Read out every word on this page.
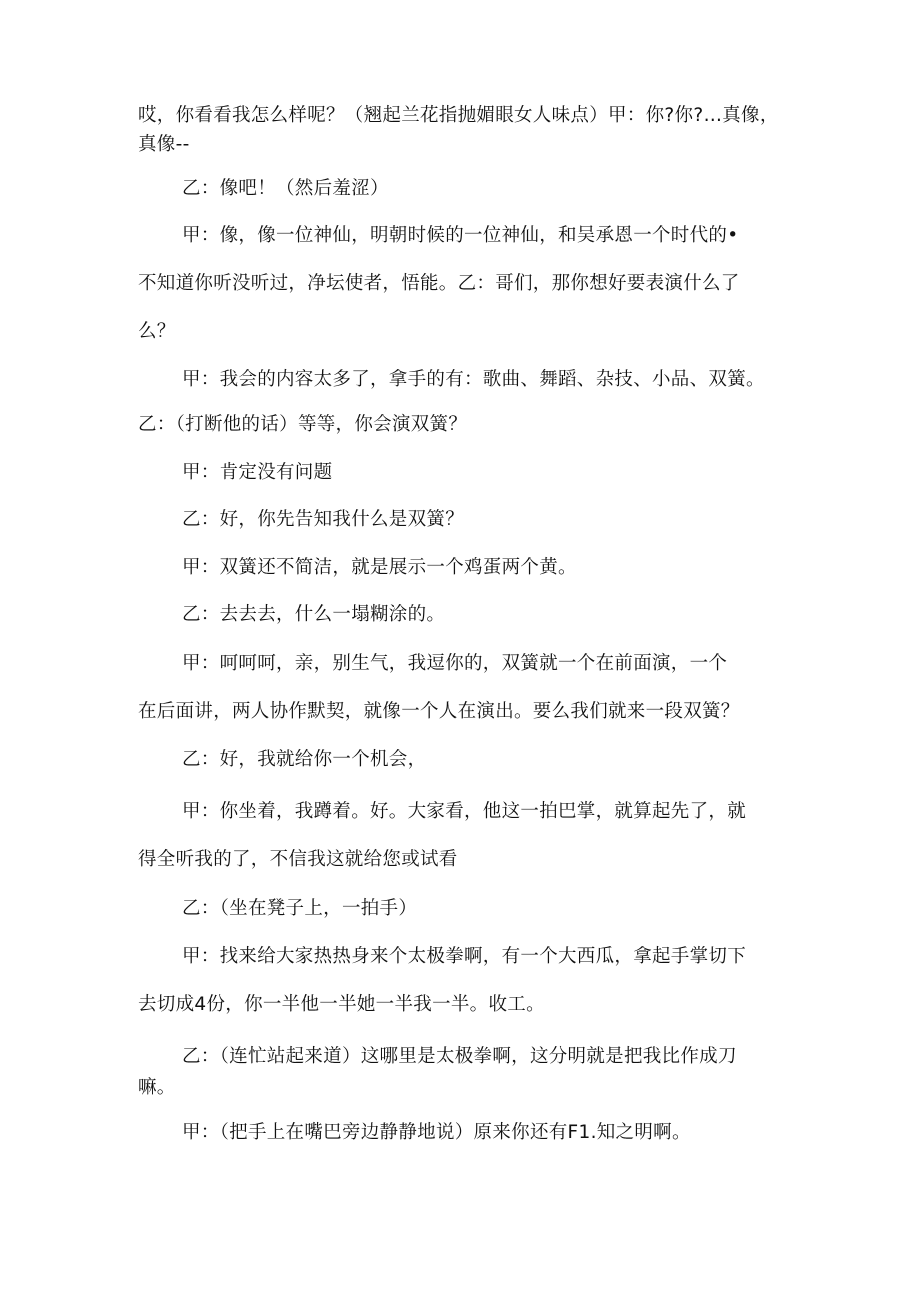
哎，你看看我怎么样呢？（翘起兰花指抛媚眼女人味点）甲：你?你?…真像，
真像--
乙：像吧！（然后羞涩）
甲：像，像一位神仙，明朝时候的一位神仙，和吴承恩一个时代的•
不知道你听没听过，净坛使者，悟能。乙：哥们，那你想好要表演什么了
么？
甲：我会的内容太多了，拿手的有：歌曲、舞蹈、杂技、小品、双簧。
乙：（打断他的话）等等，你会演双簧？
甲：肯定没有问题
乙：好，你先告知我什么是双簧？
甲：双簧还不简洁，就是展示一个鸡蛋两个黄。
乙：去去去，什么一塌糊涂的。
甲：呵呵呵，亲，别生气，我逗你的，双簧就一个在前面演，一个
在后面讲，两人协作默契，就像一个人在演出。要么我们就来一段双簧？
乙：好，我就给你一个机会，
甲：你坐着，我蹲着。好。大家看，他这一拍巴掌，就算起先了，就
得全听我的了，不信我这就给您或试看
乙：（坐在凳子上，一拍手）
甲：找来给大家热热身来个太极拳啊，有一个大西瓜，拿起手掌切下
去切成4份，你一半他一半她一半我一半。收工。
乙：（连忙站起来道）这哪里是太极拳啊，这分明就是把我比作成刀
嘛。
甲：（把手上在嘴巴旁边静静地说）原来你还有F1.知之明啊。
